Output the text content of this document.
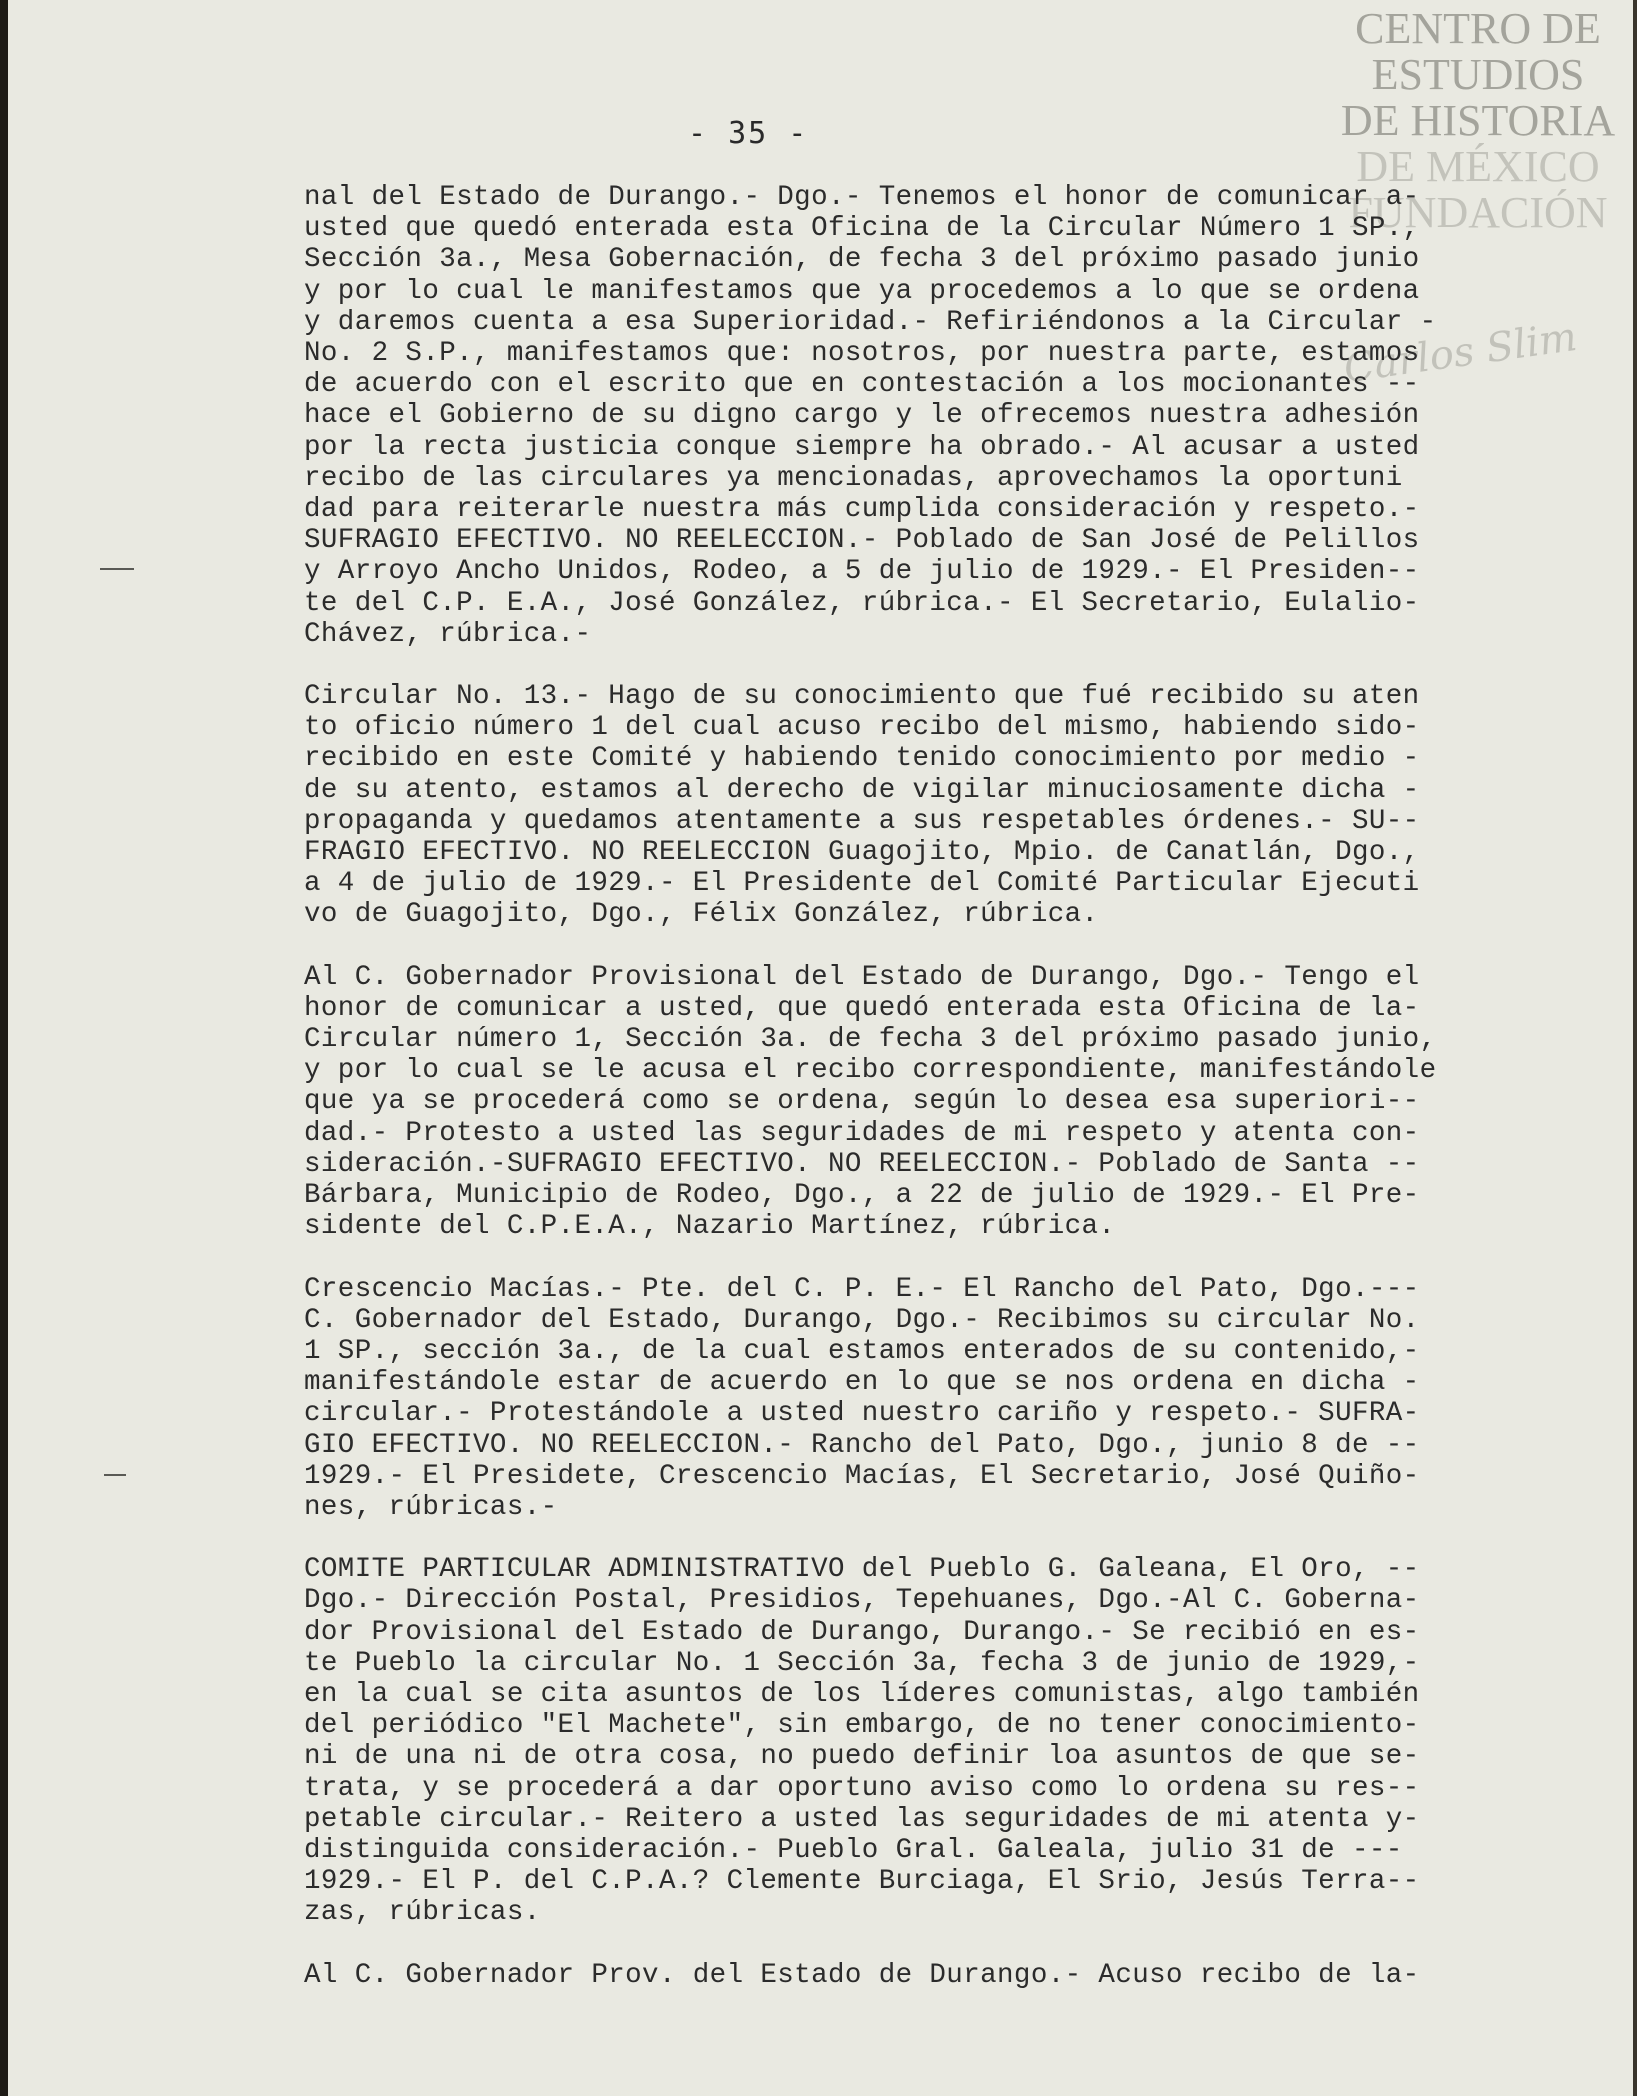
CENTRO DE
ESTUDIOS
DE HISTORIA
DE MÉXICO
FUNDACIÓN
Carlos Slim
- 35 -
nal del Estado de Durango.- Dgo.- Tenemos el honor de comunicar a-
usted que quedó enterada esta Oficina de la Circular Número 1 SP.,
Sección 3a., Mesa Gobernación, de fecha 3 del próximo pasado junio
y por lo cual le manifestamos que ya procedemos a lo que se ordena
y daremos cuenta a esa Superioridad.- Refiriéndonos a la Circular -
No. 2 S.P., manifestamos que: nosotros, por nuestra parte, estamos
de acuerdo con el escrito que en contestación a los mocionantes --
hace el Gobierno de su digno cargo y le ofrecemos nuestra adhesión
por la recta justicia conque siempre ha obrado.- Al acusar a usted
recibo de las circulares ya mencionadas, aprovechamos la oportuni
dad para reiterarle nuestra más cumplida consideración y respeto.-
SUFRAGIO EFECTIVO. NO REELECCION.- Poblado de San José de Pelillos
y Arroyo Ancho Unidos, Rodeo, a 5 de julio de 1929.- El Presiden--
te del C.P. E.A., José González, rúbrica.- El Secretario, Eulalio-
Chávez, rúbrica.-
Circular No. 13.- Hago de su conocimiento que fué recibido su aten
to oficio número 1 del cual acuso recibo del mismo, habiendo sido-
recibido en este Comité y habiendo tenido conocimiento por medio -
de su atento, estamos al derecho de vigilar minuciosamente dicha -
propaganda y quedamos atentamente a sus respetables órdenes.- SU--
FRAGIO EFECTIVO. NO REELECCION Guagojito, Mpio. de Canatlán, Dgo.,
a 4 de julio de 1929.- El Presidente del Comité Particular Ejecuti
vo de Guagojito, Dgo., Félix González, rúbrica.
Al C. Gobernador Provisional del Estado de Durango, Dgo.- Tengo el
honor de comunicar a usted, que quedó enterada esta Oficina de la-
Circular número 1, Sección 3a. de fecha 3 del próximo pasado junio,
y por lo cual se le acusa el recibo correspondiente, manifestándole
que ya se procederá como se ordena, según lo desea esa superiori--
dad.- Protesto a usted las seguridades de mi respeto y atenta con-
sideración.-SUFRAGIO EFECTIVO. NO REELECCION.- Poblado de Santa --
Bárbara, Municipio de Rodeo, Dgo., a 22 de julio de 1929.- El Pre-
sidente del C.P.E.A., Nazario Martínez, rúbrica.
Crescencio Macías.- Pte. del C. P. E.- El Rancho del Pato, Dgo.---
C. Gobernador del Estado, Durango, Dgo.- Recibimos su circular No.
1 SP., sección 3a., de la cual estamos enterados de su contenido,-
manifestándole estar de acuerdo en lo que se nos ordena en dicha -
circular.- Protestándole a usted nuestro cariño y respeto.- SUFRA-
GIO EFECTIVO. NO REELECCION.- Rancho del Pato, Dgo., junio 8 de --
1929.- El Presidete, Crescencio Macías, El Secretario, José Quiño-
nes, rúbricas.-
COMITE PARTICULAR ADMINISTRATIVO del Pueblo G. Galeana, El Oro, --
Dgo.- Dirección Postal, Presidios, Tepehuanes, Dgo.-Al C. Goberna-
dor Provisional del Estado de Durango, Durango.- Se recibió en es-
te Pueblo la circular No. 1 Sección 3a, fecha 3 de junio de 1929,-
en la cual se cita asuntos de los líderes comunistas, algo también
del periódico "El Machete", sin embargo, de no tener conocimiento-
ni de una ni de otra cosa, no puedo definir loa asuntos de que se-
trata, y se procederá a dar oportuno aviso como lo ordena su res--
petable circular.- Reitero a usted las seguridades de mi atenta y-
distinguida consideración.- Pueblo Gral. Galeala, julio 31 de ---
1929.- El P. del C.P.A.? Clemente Burciaga, El Srio, Jesús Terra--
zas, rúbricas.
Al C. Gobernador Prov. del Estado de Durango.- Acuso recibo de la-
